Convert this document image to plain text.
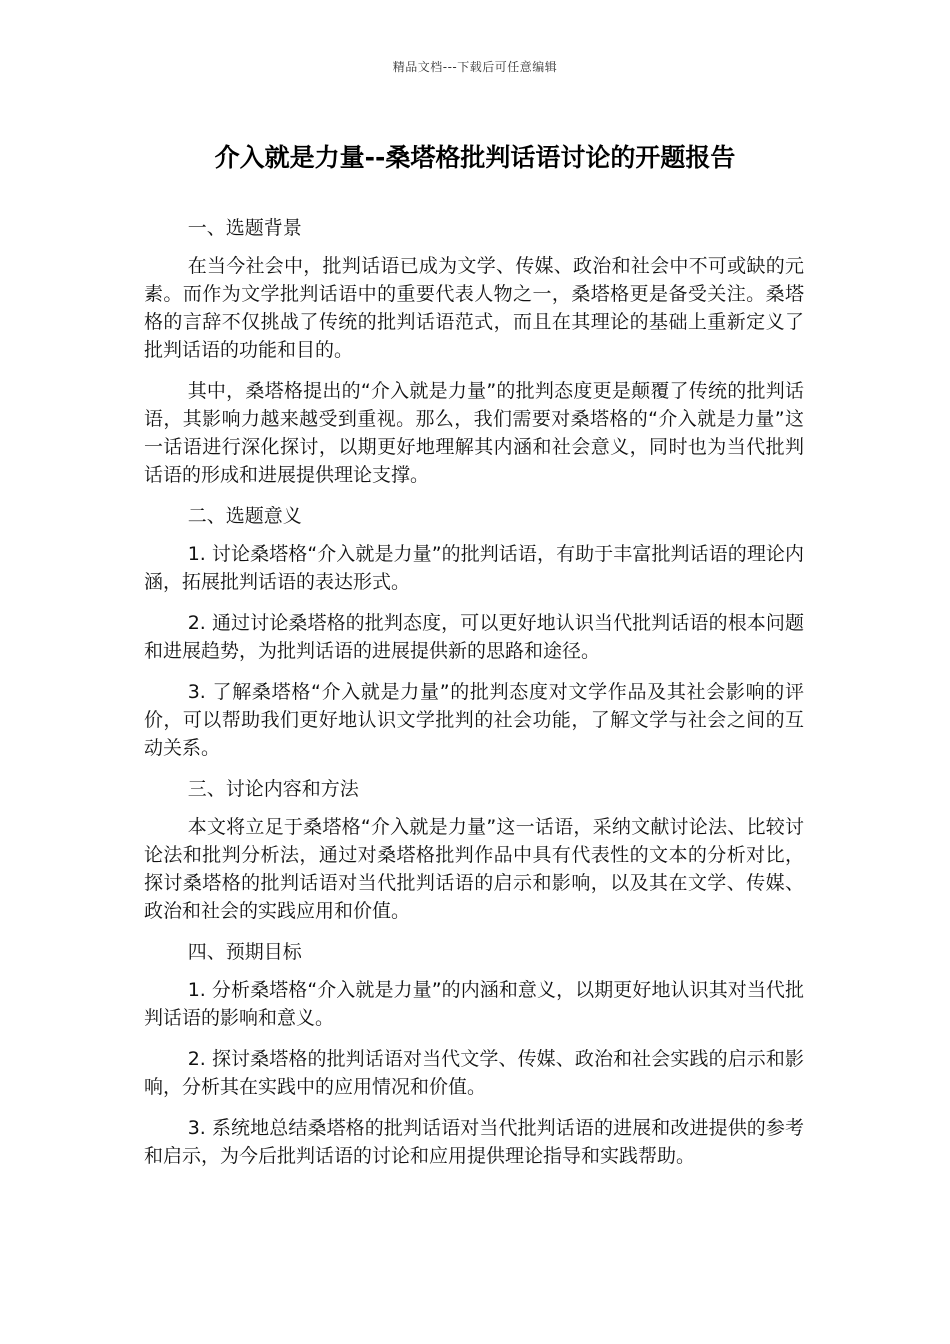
精品文档---下载后可任意编辑
介入就是力量--桑塔格批判话语讨论的开题报告

一、选题背景

在当今社会中，批判话语已成为文学、传媒、政治和社会中不可或缺的元素。而作为文学批判话语中的重要代表人物之一，桑塔格更是备受关注。桑塔格的言辞不仅挑战了传统的批判话语范式，而且在其理论的基础上重新定义了批判话语的功能和目的。

其中，桑塔格提出的“介入就是力量”的批判态度更是颠覆了传统的批判话语，其影响力越来越受到重视。那么，我们需要对桑塔格的“介入就是力量”这一话语进行深化探讨，以期更好地理解其内涵和社会意义，同时也为当代批判话语的形成和进展提供理论支撑。

二、选题意义

1. 讨论桑塔格“介入就是力量”的批判话语，有助于丰富批判话语的理论内涵，拓展批判话语的表达形式。

2. 通过讨论桑塔格的批判态度，可以更好地认识当代批判话语的根本问题和进展趋势，为批判话语的进展提供新的思路和途径。

3. 了解桑塔格“介入就是力量”的批判态度对文学作品及其社会影响的评价，可以帮助我们更好地认识文学批判的社会功能，了解文学与社会之间的互动关系。

三、讨论内容和方法

本文将立足于桑塔格“介入就是力量”这一话语，采纳文献讨论法、比较讨论法和批判分析法，通过对桑塔格批判作品中具有代表性的文本的分析对比，探讨桑塔格的批判话语对当代批判话语的启示和影响，以及其在文学、传媒、政治和社会的实践应用和价值。

四、预期目标

1. 分析桑塔格“介入就是力量”的内涵和意义，以期更好地认识其对当代批判话语的影响和意义。

2. 探讨桑塔格的批判话语对当代文学、传媒、政治和社会实践的启示和影响，分析其在实践中的应用情况和价值。

3. 系统地总结桑塔格的批判话语对当代批判话语的进展和改进提供的参考和启示，为今后批判话语的讨论和应用提供理论指导和实践帮助。
